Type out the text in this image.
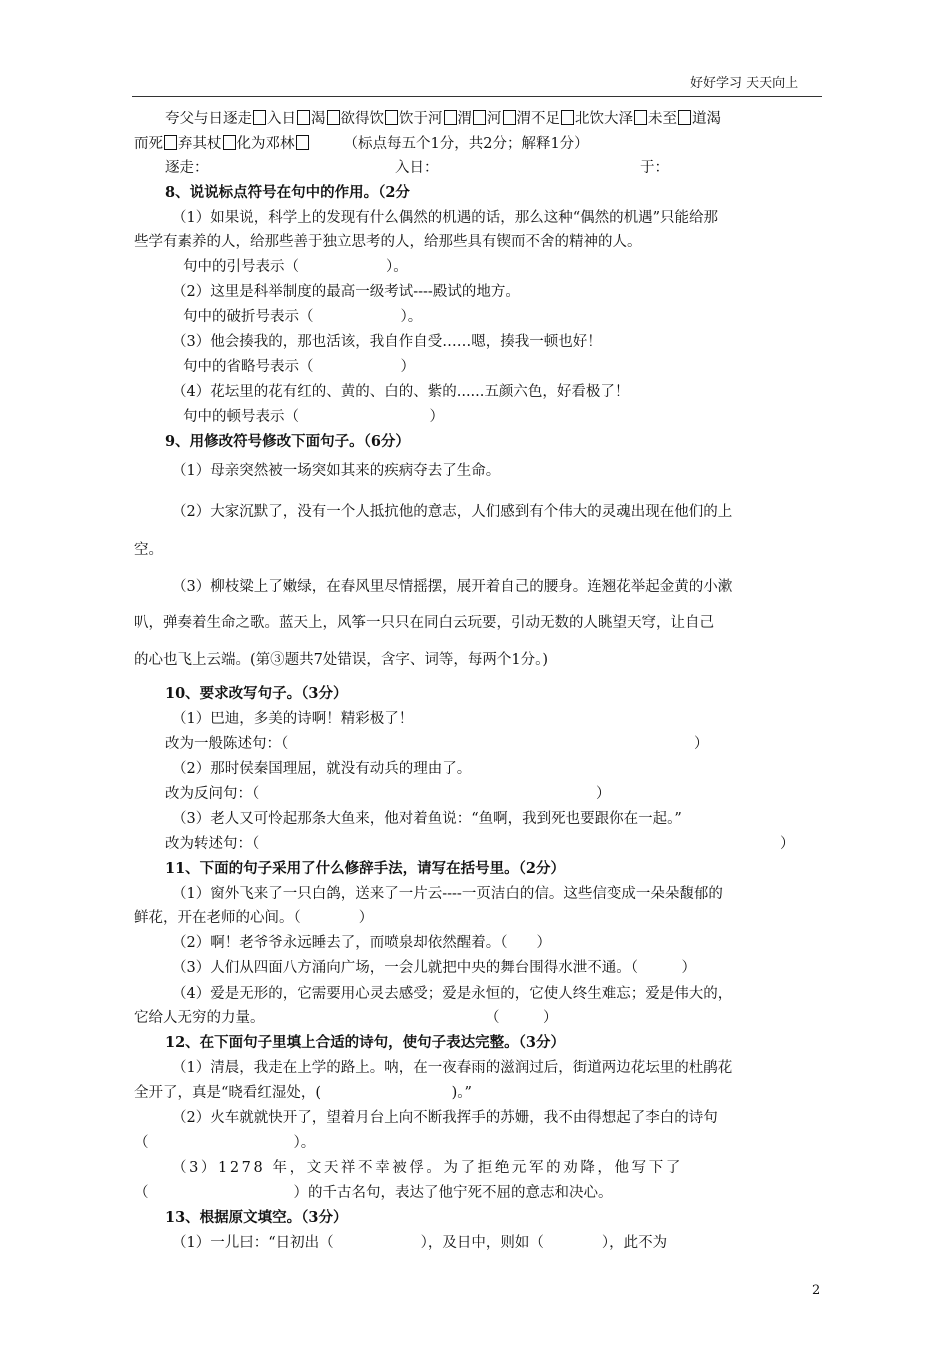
好好学习 天天向上
夸父与日逐走 入日 渴 欲得饮 饮于河 渭 河 渭不足 北饮大泽 未至 道渴
而死 弃其杖 化为邓林	（标点每五个1分，共2分；解释1分）
逐走：	入日：	于：
8、说说标点符号在句中的作用。（2分
（1）如果说，科学上的发现有什么偶然的机遇的话，那么这种“偶然的机遇”只能给那
些学有素养的人，给那些善于独立思考的人，给那些具有锲而不舍的精神的人。
句中的引号表示（　　　　　　）。
（2）这里是科举制度的最高一级考试----殿试的地方。
句中的破折号表示（　　　　　　）。
（3）他会揍我的，那也活该，我自作自受……嗯，揍我一顿也好！
句中的省略号表示（　　　　　　）
（4）花坛里的花有红的、黄的、白的、紫的......五颜六色，好看极了！
句中的顿号表示（　　　　　　　　　）
9、用修改符号修改下面句子。（6分）
（1）母亲突然被一场突如其来的疾病夺去了生命。
（2）大家沉默了，没有一个人抵抗他的意志，人们感到有个伟大的灵魂出现在他们的上
空。
（3）柳枝粱上了嫩绿，在春风里尽情摇摆，展开着自己的腰身。连翘花举起金黄的小漱
叭，弹奏着生命之歌。蓝天上，风筝一只只在同白云玩要，引动无数的人眺望天穹，让自己
的心也飞上云端。(第③题共7处错误，含字、词等，每两个1分。)
10、要求改写句子。（3分）
（1）巴迪，多美的诗啊！精彩极了！
改为一般陈述句：（	）
（2）那时侯秦国理屈，就没有动兵的理由了。
改为反问句：（	）
（3）老人又可怜起那条大鱼来，他对着鱼说：“鱼啊，我到死也要跟你在一起。”
改为转述句：（	）
11、下面的句子采用了什么修辞手法，请写在括号里。（2分）
（1）窗外飞来了一只白鸽，送来了一片云----一页洁白的信。这些信变成一朵朵馥郁的
鲜花，开在老师的心间。（　　　　）
（2）啊！老爷爷永远睡去了，而喷泉却依然醒着。（　　）
（3）人们从四面八方涌向广场，一会儿就把中央的舞台围得水泄不通。（　　　）
（4）爱是无形的，它需要用心灵去感受；爱是永恒的，它使人终生难忘；爱是伟大的，
它给人无穷的力量。	（　　　）
12、在下面句子里填上合适的诗句，使句子表达完整。（3分）
（1）清晨，我走在上学的路上。呐，在一夜春雨的滋润过后，街道两边花坛里的杜鹃花
全开了，真是“晓看红湿处，(　　　　　　　　　)。”
（2）火车就就快开了，望着月台上向不断我挥手的苏姗，我不由得想起了李白的诗句
（　　　　　　　　　　）。
（3）1278 年，文天祥不幸被俘。为了拒绝元军的劝降，他写下了
（　　　　　　　　　　）的千古名句，表达了他宁死不屈的意志和决心。
13、根据原文填空。（3分）
（1）一儿曰：“日初出（　　　　　　），及日中，则如（　　　　），此不为
2
